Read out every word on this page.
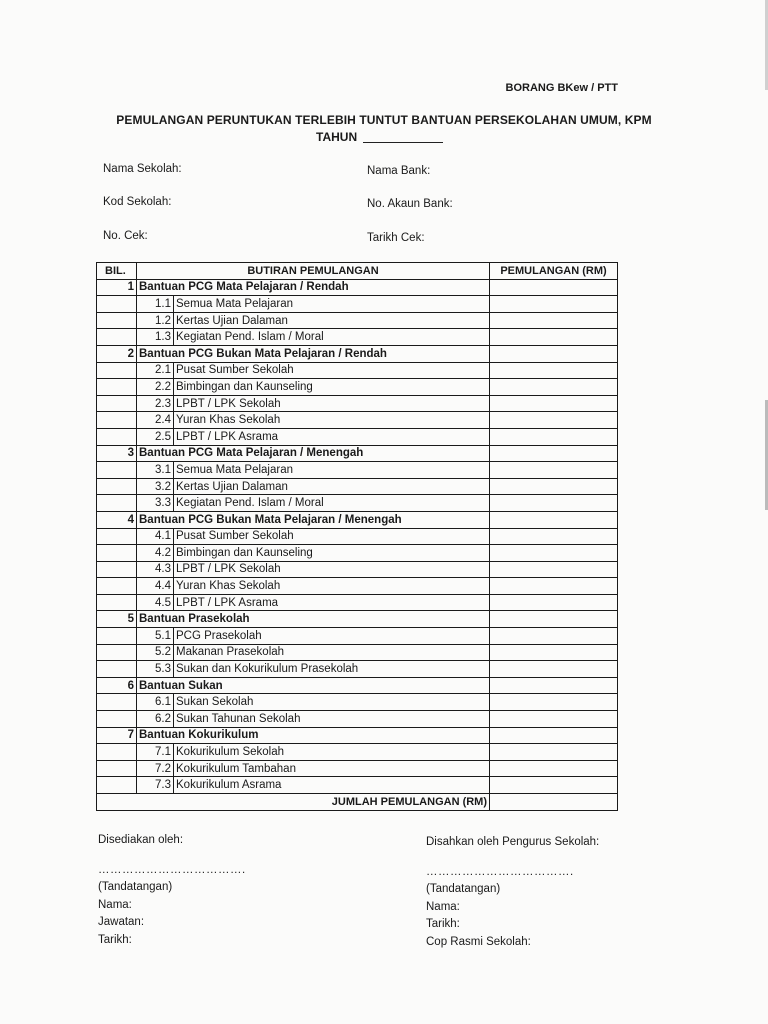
BORANG BKew / PTT
PEMULANGAN PERUNTUKAN TERLEBIH TUNTUT BANTUAN PERSEKOLAHAN UMUM, KPM
TAHUN
Nama Sekolah:	Nama Bank:
Kod Sekolah:	No. Akaun Bank:
No. Cek:	Tarikh Cek:
BIL.	BUTIRAN PEMULANGAN		PEMULANGAN (RM)
1	Bantuan PCG Mata Pelajaran / Rendah		
	1.1	Semua Mata Pelajaran	
	1.2	Kertas Ujian Dalaman	
	1.3	Kegiatan Pend. Islam / Moral	
2	Bantuan PCG Bukan Mata Pelajaran / Rendah		
	2.1	Pusat Sumber Sekolah	
	2.2	Bimbingan dan Kaunseling	
	2.3	LPBT / LPK Sekolah	
	2.4	Yuran Khas Sekolah	
	2.5	LPBT / LPK Asrama	
3	Bantuan PCG Mata Pelajaran / Menengah		
	3.1	Semua Mata Pelajaran	
	3.2	Kertas Ujian Dalaman	
	3.3	Kegiatan Pend. Islam / Moral	
4	Bantuan PCG Bukan Mata Pelajaran / Menengah		
	4.1	Pusat Sumber Sekolah	
	4.2	Bimbingan dan Kaunseling	
	4.3	LPBT / LPK Sekolah	
	4.4	Yuran Khas Sekolah	
	4.5	LPBT / LPK Asrama	
5	Bantuan Prasekolah		
	5.1	PCG Prasekolah	
	5.2	Makanan Prasekolah	
	5.3	Sukan dan Kokurikulum Prasekolah	
6	Bantuan Sukan		
	6.1	Sukan Sekolah	
	6.2	Sukan Tahunan Sekolah	
7	Bantuan Kokurikulum		
	7.1	Kokurikulum Sekolah	
	7.2	Kokurikulum Tambahan	
	7.3	Kokurikulum Asrama	
JUMLAH PEMULANGAN (RM)			
Disediakan oleh:
……………………………….
(Tandatangan)
Nama:
Jawatan:
Tarikh:
Disahkan oleh Pengurus Sekolah:
……………………………….
(Tandatangan)
Nama:
Tarikh:
Cop Rasmi Sekolah:
